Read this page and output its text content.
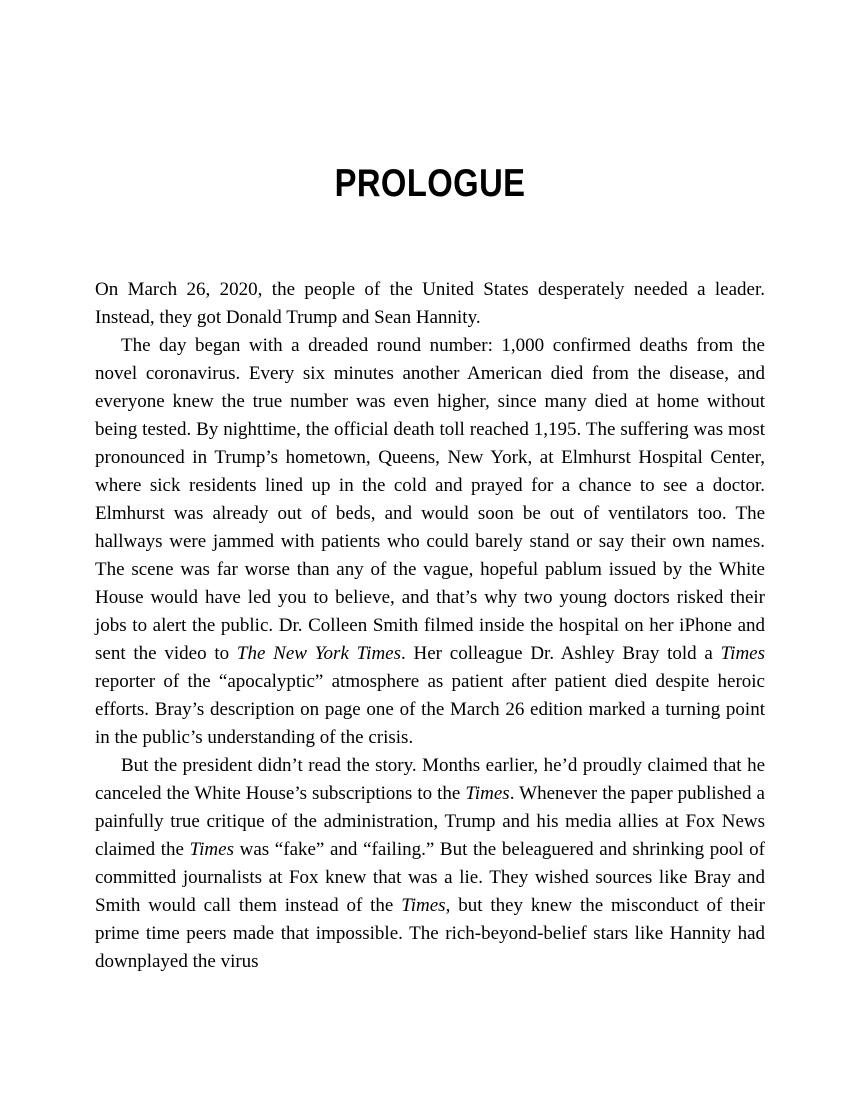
PROLOGUE

On March 26, 2020, the people of the United States desperately needed a leader. Instead, they got Donald Trump and Sean Hannity.

The day began with a dreaded round number: 1,000 confirmed deaths from the novel coronavirus. Every six minutes another American died from the disease, and everyone knew the true number was even higher, since many died at home without being tested. By nighttime, the official death toll reached 1,195. The suffering was most pronounced in Trump’s hometown, Queens, New York, at Elmhurst Hospital Center, where sick residents lined up in the cold and prayed for a chance to see a doctor. Elmhurst was already out of beds, and would soon be out of ventilators too. The hallways were jammed with patients who could barely stand or say their own names. The scene was far worse than any of the vague, hopeful pablum issued by the White House would have led you to believe, and that’s why two young doctors risked their jobs to alert the public. Dr. Colleen Smith filmed inside the hospital on her iPhone and sent the video to The New York Times. Her colleague Dr. Ashley Bray told a Times reporter of the “apocalyptic” atmosphere as patient after patient died despite heroic efforts. Bray’s description on page one of the March 26 edition marked a turning point in the public’s understanding of the crisis.

But the president didn’t read the story. Months earlier, he’d proudly claimed that he canceled the White House’s subscriptions to the Times. Whenever the paper published a painfully true critique of the administration, Trump and his media allies at Fox News claimed the Times was “fake” and “failing.” But the beleaguered and shrinking pool of committed journalists at Fox knew that was a lie. They wished sources like Bray and Smith would call them instead of the Times, but they knew the misconduct of their prime time peers made that impossible. The rich-beyond-belief stars like Hannity had downplayed the virus
